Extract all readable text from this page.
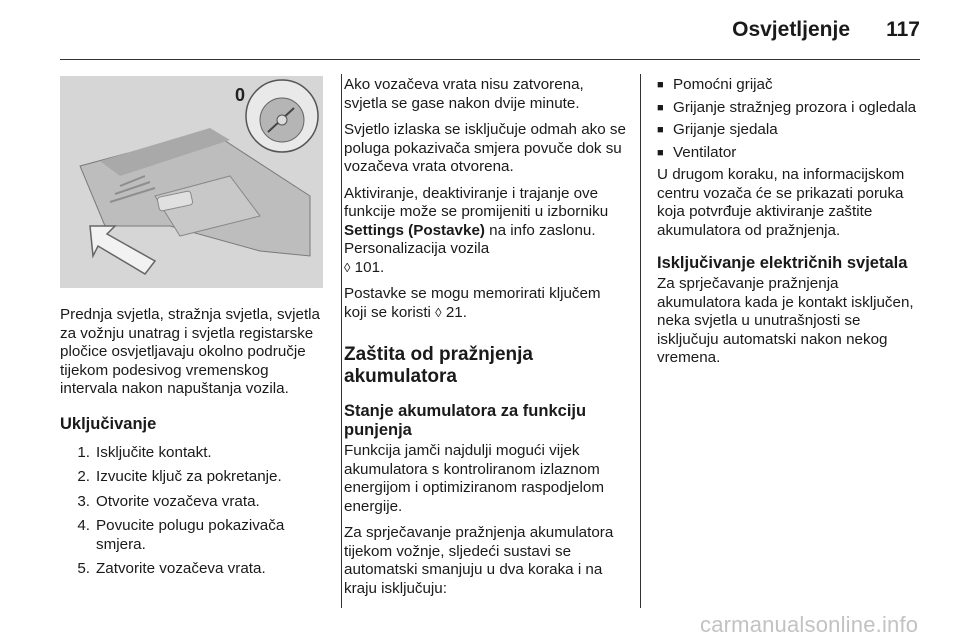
Osvjetljenje 117
0

Prednja svjetla, stražnja svjetla, svjetla za vožnju unatrag i svjetla registarske pločice osvjetljavaju okolno područje tijekom podesivog vremenskog intervala nakon napuštanja vozila.

Uključivanje
1. Isključite kontakt.
2. Izvucite ključ za pokretanje.
3. Otvorite vozačeva vrata.
4. Povucite polugu pokazivača smjera.
5. Zatvorite vozačeva vrata.

Ako vozačeva vrata nisu zatvorena, svjetla se gase nakon dvije minute.

Svjetlo izlaska se isključuje odmah ako se poluga pokazivača smjera povuče dok su vozačeva vrata otvorena.

Aktiviranje, deaktiviranje i trajanje ove funkcije može se promijeniti u izborniku Settings (Postavke) na info zaslonu. Personalizacija vozila
◊ 101.

Postavke se mogu memorirati ključem koji se koristi ◊ 21.

Zaštita od pražnjenja akumulatora
Stanje akumulatora za funkciju punjenja

Funkcija jamči najdulji mogući vijek akumulatora s kontroliranom izlaznom energijom i optimiziranom raspodjelom energije.

Za sprječavanje pražnjenja akumulatora tijekom vožnje, sljedeći sustavi se automatski smanjuju u dva koraka i na kraju isključuju:

■ Pomoćni grijač
■ Grijanje stražnjeg prozora i ogledala
■ Grijanje sjedala
■ Ventilator

U drugom koraku, na informacijskom centru vozača će se prikazati poruka koja potvrđuje aktiviranje zaštite akumulatora od pražnjenja.

Isključivanje električnih svjetala

Za sprječavanje pražnjenja akumulatora kada je kontakt isključen, neka svjetla u unutrašnjosti se isključuju automatski nakon nekog vremena.

carmanualsonline.info
